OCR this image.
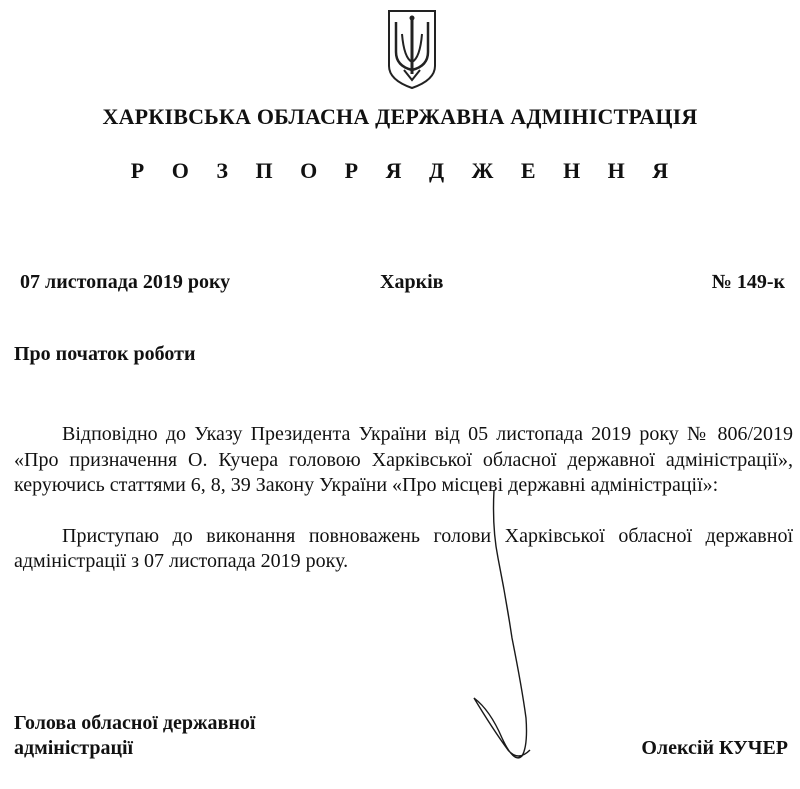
ХАРКІВСЬКА ОБЛАСНА ДЕРЖАВНА АДМІНІСТРАЦІЯ
Р О З П О Р Я Д Ж Е Н Н Я
07 листопада 2019 року	Харків	№ 149-к
Про початок роботи

Відповідно до Указу Президента України від 05 листопада 2019 року № 806/2019 «Про призначення О. Кучера головою Харківської обласної державної адміністрації», керуючись статтями 6, 8, 39 Закону України «Про місцеві державні адміністрації»:

Приступаю до виконання повноважень голови Харківської обласної державної адміністрації з 07 листопада 2019 року.

Голова обласної державної
адміністрації	Олексій КУЧЕР
